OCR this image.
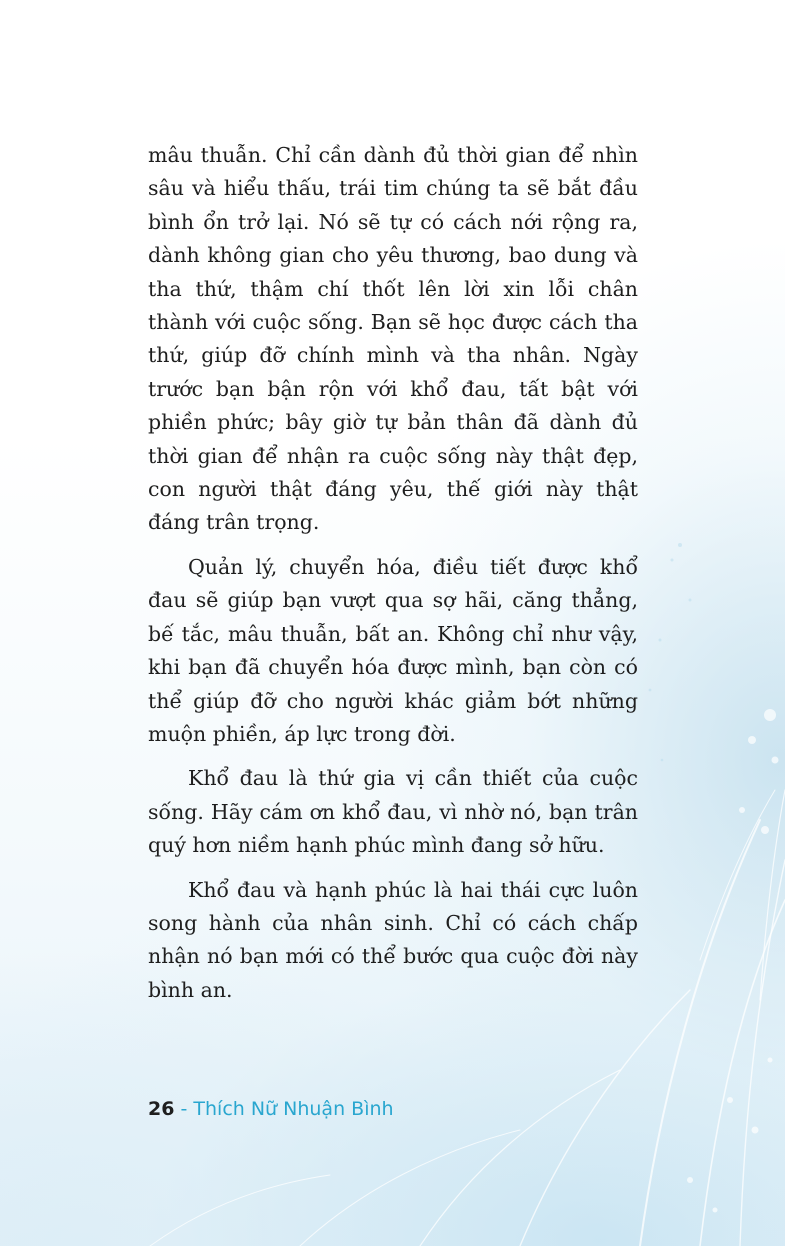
mâu thuẫn. Chỉ cần dành đủ thời gian để nhìn sâu và hiểu thấu, trái tim chúng ta sẽ bắt đầu bình ổn trở lại. Nó sẽ tự có cách nới rộng ra, dành không gian cho yêu thương, bao dung và tha thứ, thậm chí thốt lên lời xin lỗi chân thành với cuộc sống. Bạn sẽ học được cách tha thứ, giúp đỡ chính mình và tha nhân. Ngày trước bạn bận rộn với khổ đau, tất bật với phiền phức; bây giờ tự bản thân đã dành đủ thời gian để nhận ra cuộc sống này thật đẹp, con người thật đáng yêu, thế giới này thật đáng trân trọng.

Quản lý, chuyển hóa, điều tiết được khổ đau sẽ giúp bạn vượt qua sợ hãi, căng thẳng, bế tắc, mâu thuẫn, bất an. Không chỉ như vậy, khi bạn đã chuyển hóa được mình, bạn còn có thể giúp đỡ cho người khác giảm bớt những muộn phiền, áp lực trong đời.

Khổ đau là thứ gia vị cần thiết của cuộc sống. Hãy cám ơn khổ đau, vì nhờ nó, bạn trân quý hơn niềm hạnh phúc mình đang sở hữu.

Khổ đau và hạnh phúc là hai thái cực luôn song hành của nhân sinh. Chỉ có cách chấp nhận nó bạn mới có thể bước qua cuộc đời này bình an.

26 - Thích Nữ Nhuận Bình
